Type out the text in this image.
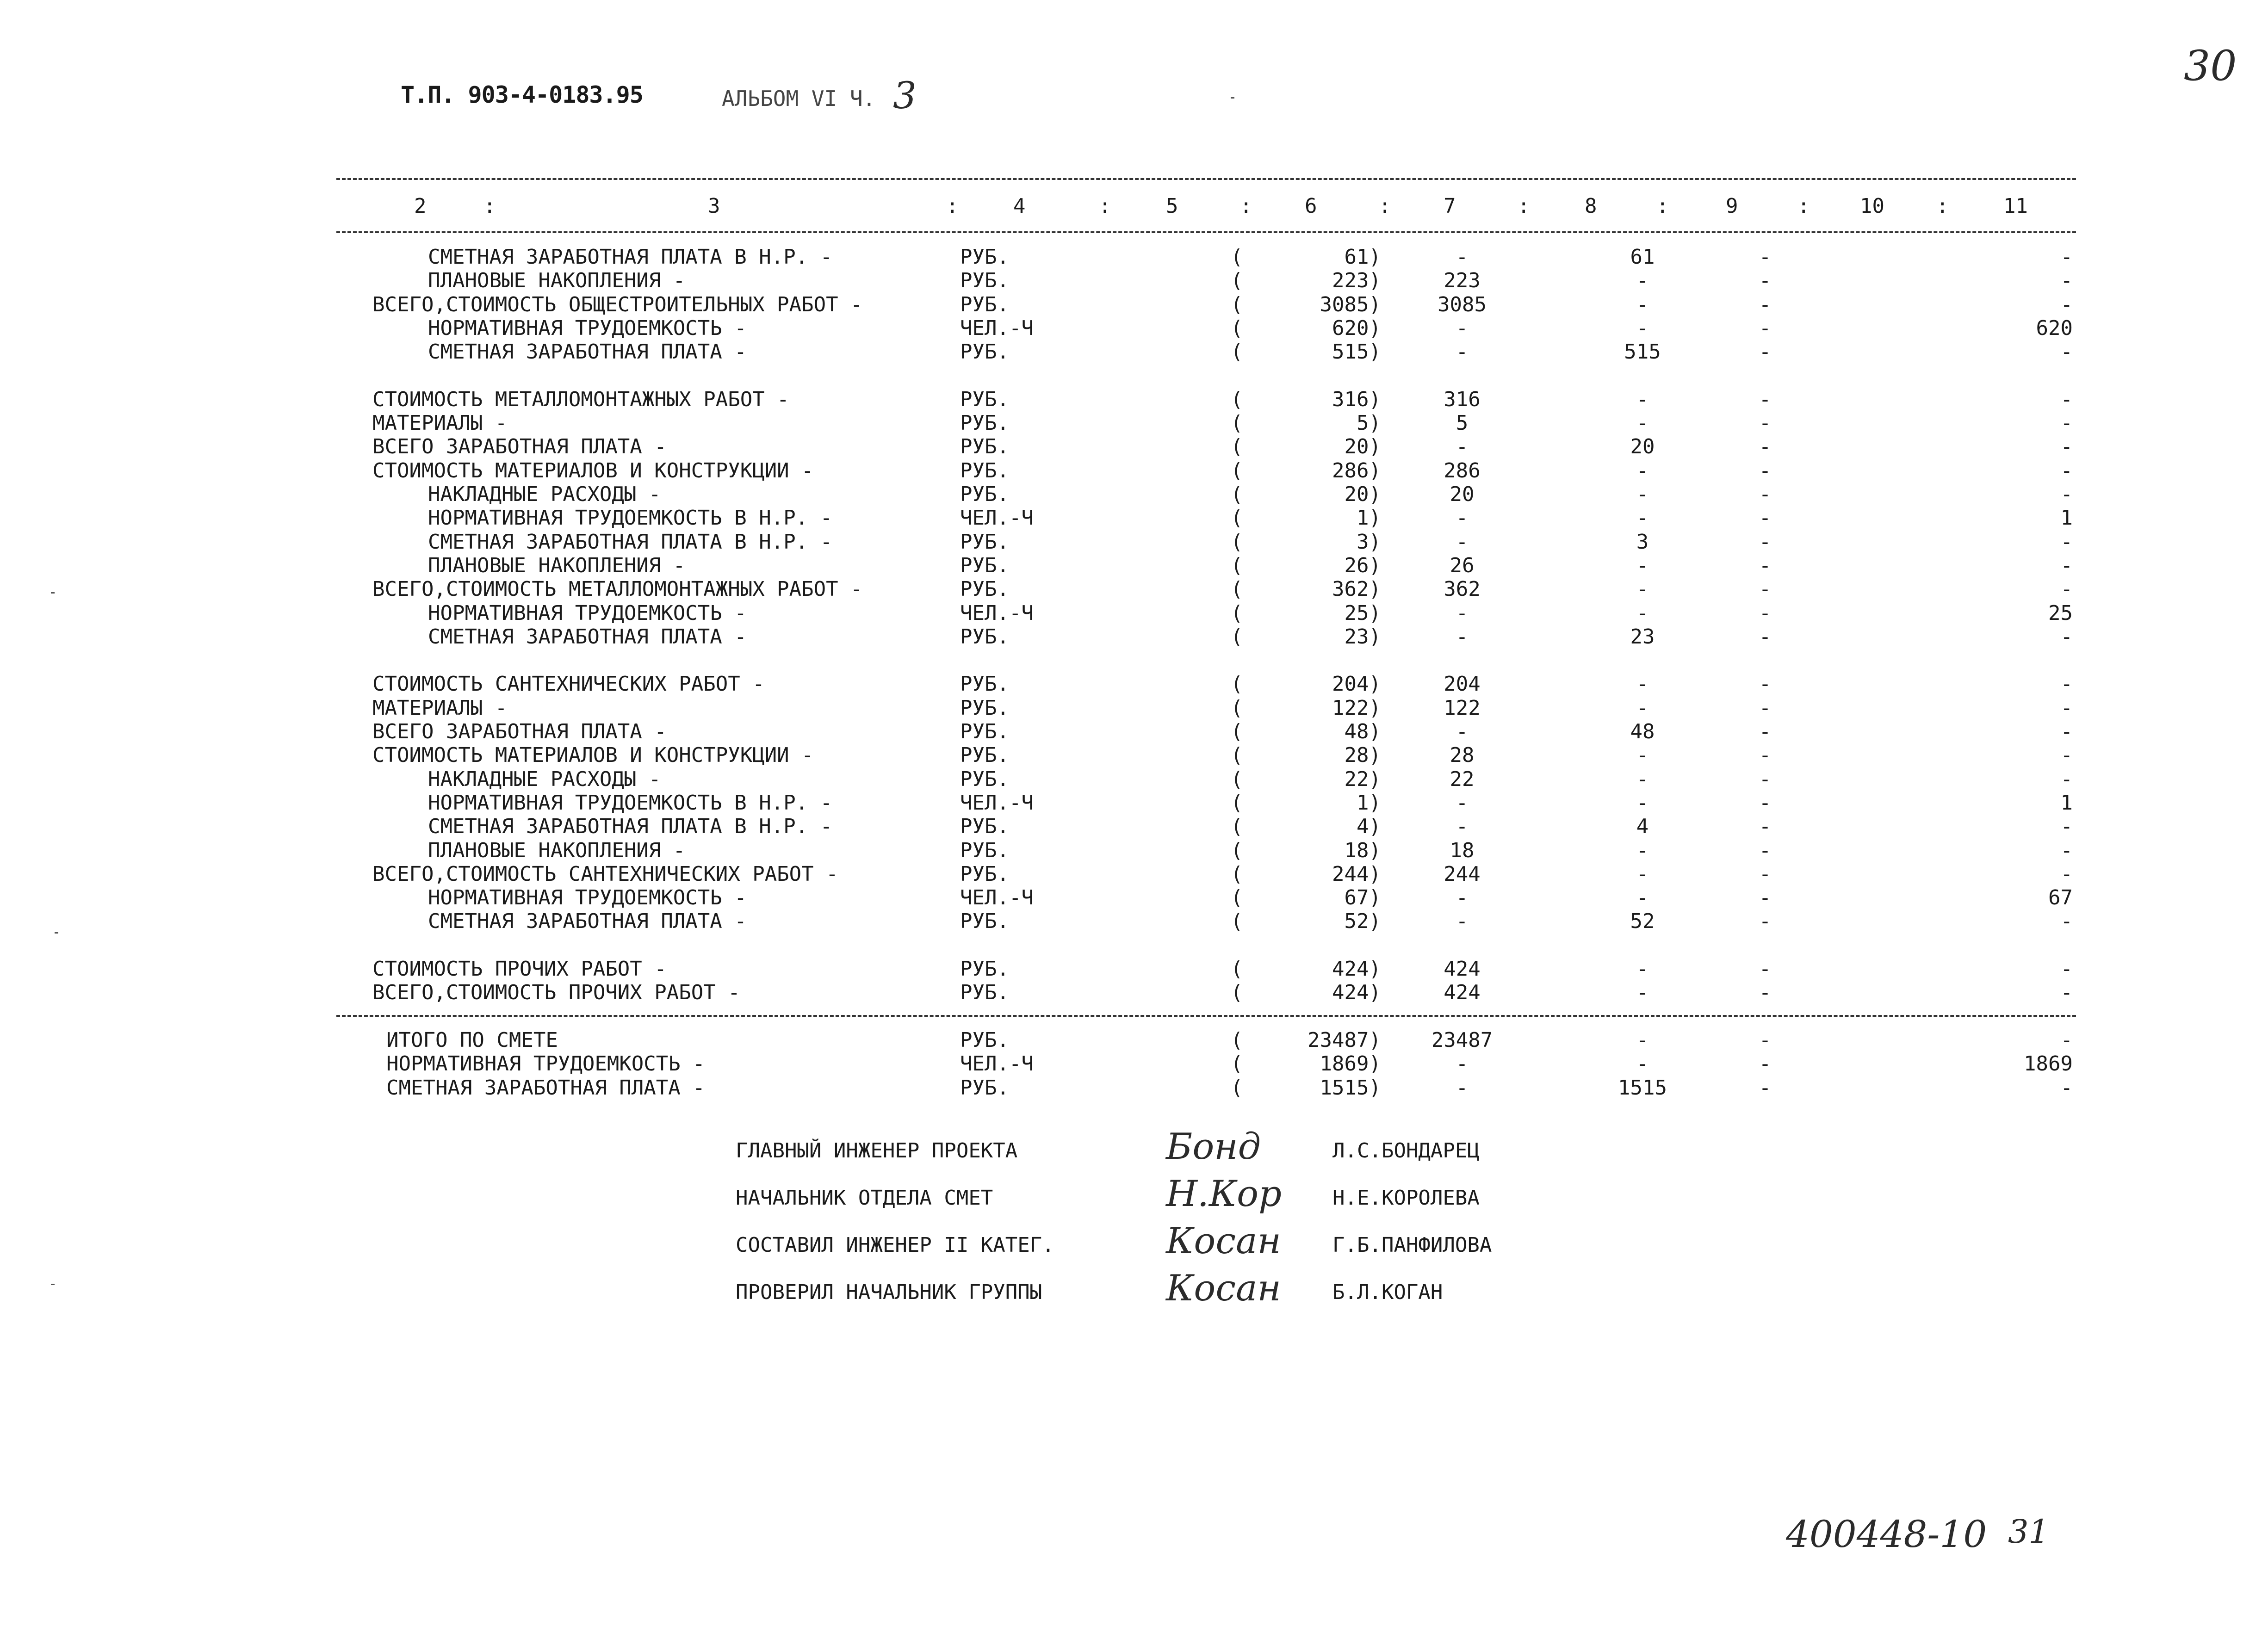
Т.П. 903-4-0183.95	АЛЬБОМ VI Ч. 3
30
2	:	3	:	4	:	5	:	6	:	7	:	8	:	9	: 10	:	11
СМЕТНАЯ ЗАРАБОТНАЯ ПЛАТА В Н.Р. -	РУБ.	(	61)	-	61	-	-
ПЛАНОВЫЕ НАКОПЛЕНИЯ -	РУБ.	(	223)	223	-	-	-
ВСЕГО,СТОИМОСТЬ ОБЩЕСТРОИТЕЛЬНЫХ РАБОТ -	РУБ.	(	3085)	3085	-	-	-
НОРМАТИВНАЯ ТРУДОЕМКОСТЬ -	ЧЕЛ.-Ч	(	620)	-	-	-	620
СМЕТНАЯ ЗАРАБОТНАЯ ПЛАТА -	РУБ.	(	515)	-	515	-	-
СТОИМОСТЬ МЕТАЛЛОМОНТАЖНЫХ РАБОТ -	РУБ.	(	316)	316	-	-	-
МАТЕРИАЛЫ -	РУБ.	(	5)	5	-	-	-
ВСЕГО ЗАРАБОТНАЯ ПЛАТА -	РУБ.	(	20)	-	20	-	-
СТОИМОСТЬ МАТЕРИАЛОВ И КОНСТРУКЦИИ -	РУБ.	(	286)	286	-	-	-
НАКЛАДНЫЕ РАСХОДЫ -	РУБ.	(	20)	20	-	-	-
НОРМАТИВНАЯ ТРУДОЕМКОСТЬ В Н.Р. -	ЧЕЛ.-Ч	(	1)	-	-	-	1
СМЕТНАЯ ЗАРАБОТНАЯ ПЛАТА В Н.Р. -	РУБ.	(	3)	-	3	-	-
ПЛАНОВЫЕ НАКОПЛЕНИЯ -	РУБ.	(	26)	26	-	-	-
ВСЕГО,СТОИМОСТЬ МЕТАЛЛОМОНТАЖНЫХ РАБОТ -	РУБ.	(	362)	362	-	-	-
НОРМАТИВНАЯ ТРУДОЕМКОСТЬ -	ЧЕЛ.-Ч	(	25)	-	-	-	25
СМЕТНАЯ ЗАРАБОТНАЯ ПЛАТА -	РУБ.	(	23)	-	23	-	-
СТОИМОСТЬ САНТЕХНИЧЕСКИХ РАБОТ -	РУБ.	(	204)	204	-	-	-
МАТЕРИАЛЫ -	РУБ.	(	122)	122	-	-	-
ВСЕГО ЗАРАБОТНАЯ ПЛАТА -	РУБ.	(	48)	-	48	-	-
СТОИМОСТЬ МАТЕРИАЛОВ И КОНСТРУКЦИИ -	РУБ.	(	28)	28	-	-	-
НАКЛАДНЫЕ РАСХОДЫ -	РУБ.	(	22)	22	-	-	-
НОРМАТИВНАЯ ТРУДОЕМКОСТЬ В Н.Р. -	ЧЕЛ.-Ч	(	1)	-	-	-	1
СМЕТНАЯ ЗАРАБОТНАЯ ПЛАТА В Н.Р. -	РУБ.	(	4)	-	4	-	-
ПЛАНОВЫЕ НАКОПЛЕНИЯ -	РУБ.	(	18)	18	-	-	-
ВСЕГО,СТОИМОСТЬ САНТЕХНИЧЕСКИХ РАБОТ -	РУБ.	(	244)	244	-	-	-
НОРМАТИВНАЯ ТРУДОЕМКОСТЬ -	ЧЕЛ.-Ч	(	67)	-	-	-	67
СМЕТНАЯ ЗАРАБОТНАЯ ПЛАТА -	РУБ.	(	52)	-	52	-	-
СТОИМОСТЬ ПРОЧИХ РАБОТ -	РУБ.	(	424)	424	-	-	-
ВСЕГО,СТОИМОСТЬ ПРОЧИХ РАБОТ -	РУБ.	(	424)	424	-	-	-
ИТОГО ПО СМЕТЕ	РУБ.	(	23487)	23487	-	-	-
НОРМАТИВНАЯ ТРУДОЕМКОСТЬ -	ЧЕЛ.-Ч	(	1869)	-	-	-	1869
СМЕТНАЯ ЗАРАБОТНАЯ ПЛАТА -	РУБ.	(	1515)	-	1515	-	-
ГЛАВНЫЙ ИНЖЕНЕР ПРОЕКТА	Л.С.БОНДАРЕЦ
Бонд
НАЧАЛЬНИК ОТДЕЛА СМЕТ	Н.Е.КОРОЛЕВА
Н.Кор
СОСТАВИЛ ИНЖЕНЕР II КАТЕГ.	Г.Б.ПАНФИЛОВА
Косан
ПРОВЕРИЛ НАЧАЛЬНИК ГРУППЫ	Б.Л.КОГАН
Косан
400448-10 31
